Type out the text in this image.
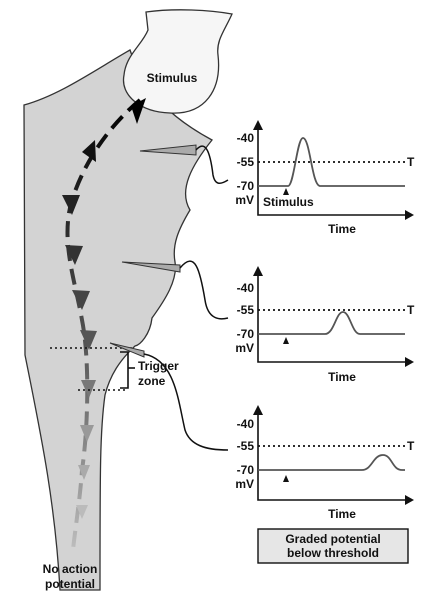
Stimulus
Trigger
zone
No action
potential
T
-40
-55
-70
mV
Time
Stimulus
T
-40
-55
-70
mV
Time
T
-40
-55
-70
mV
Time
Graded potential
below threshold
